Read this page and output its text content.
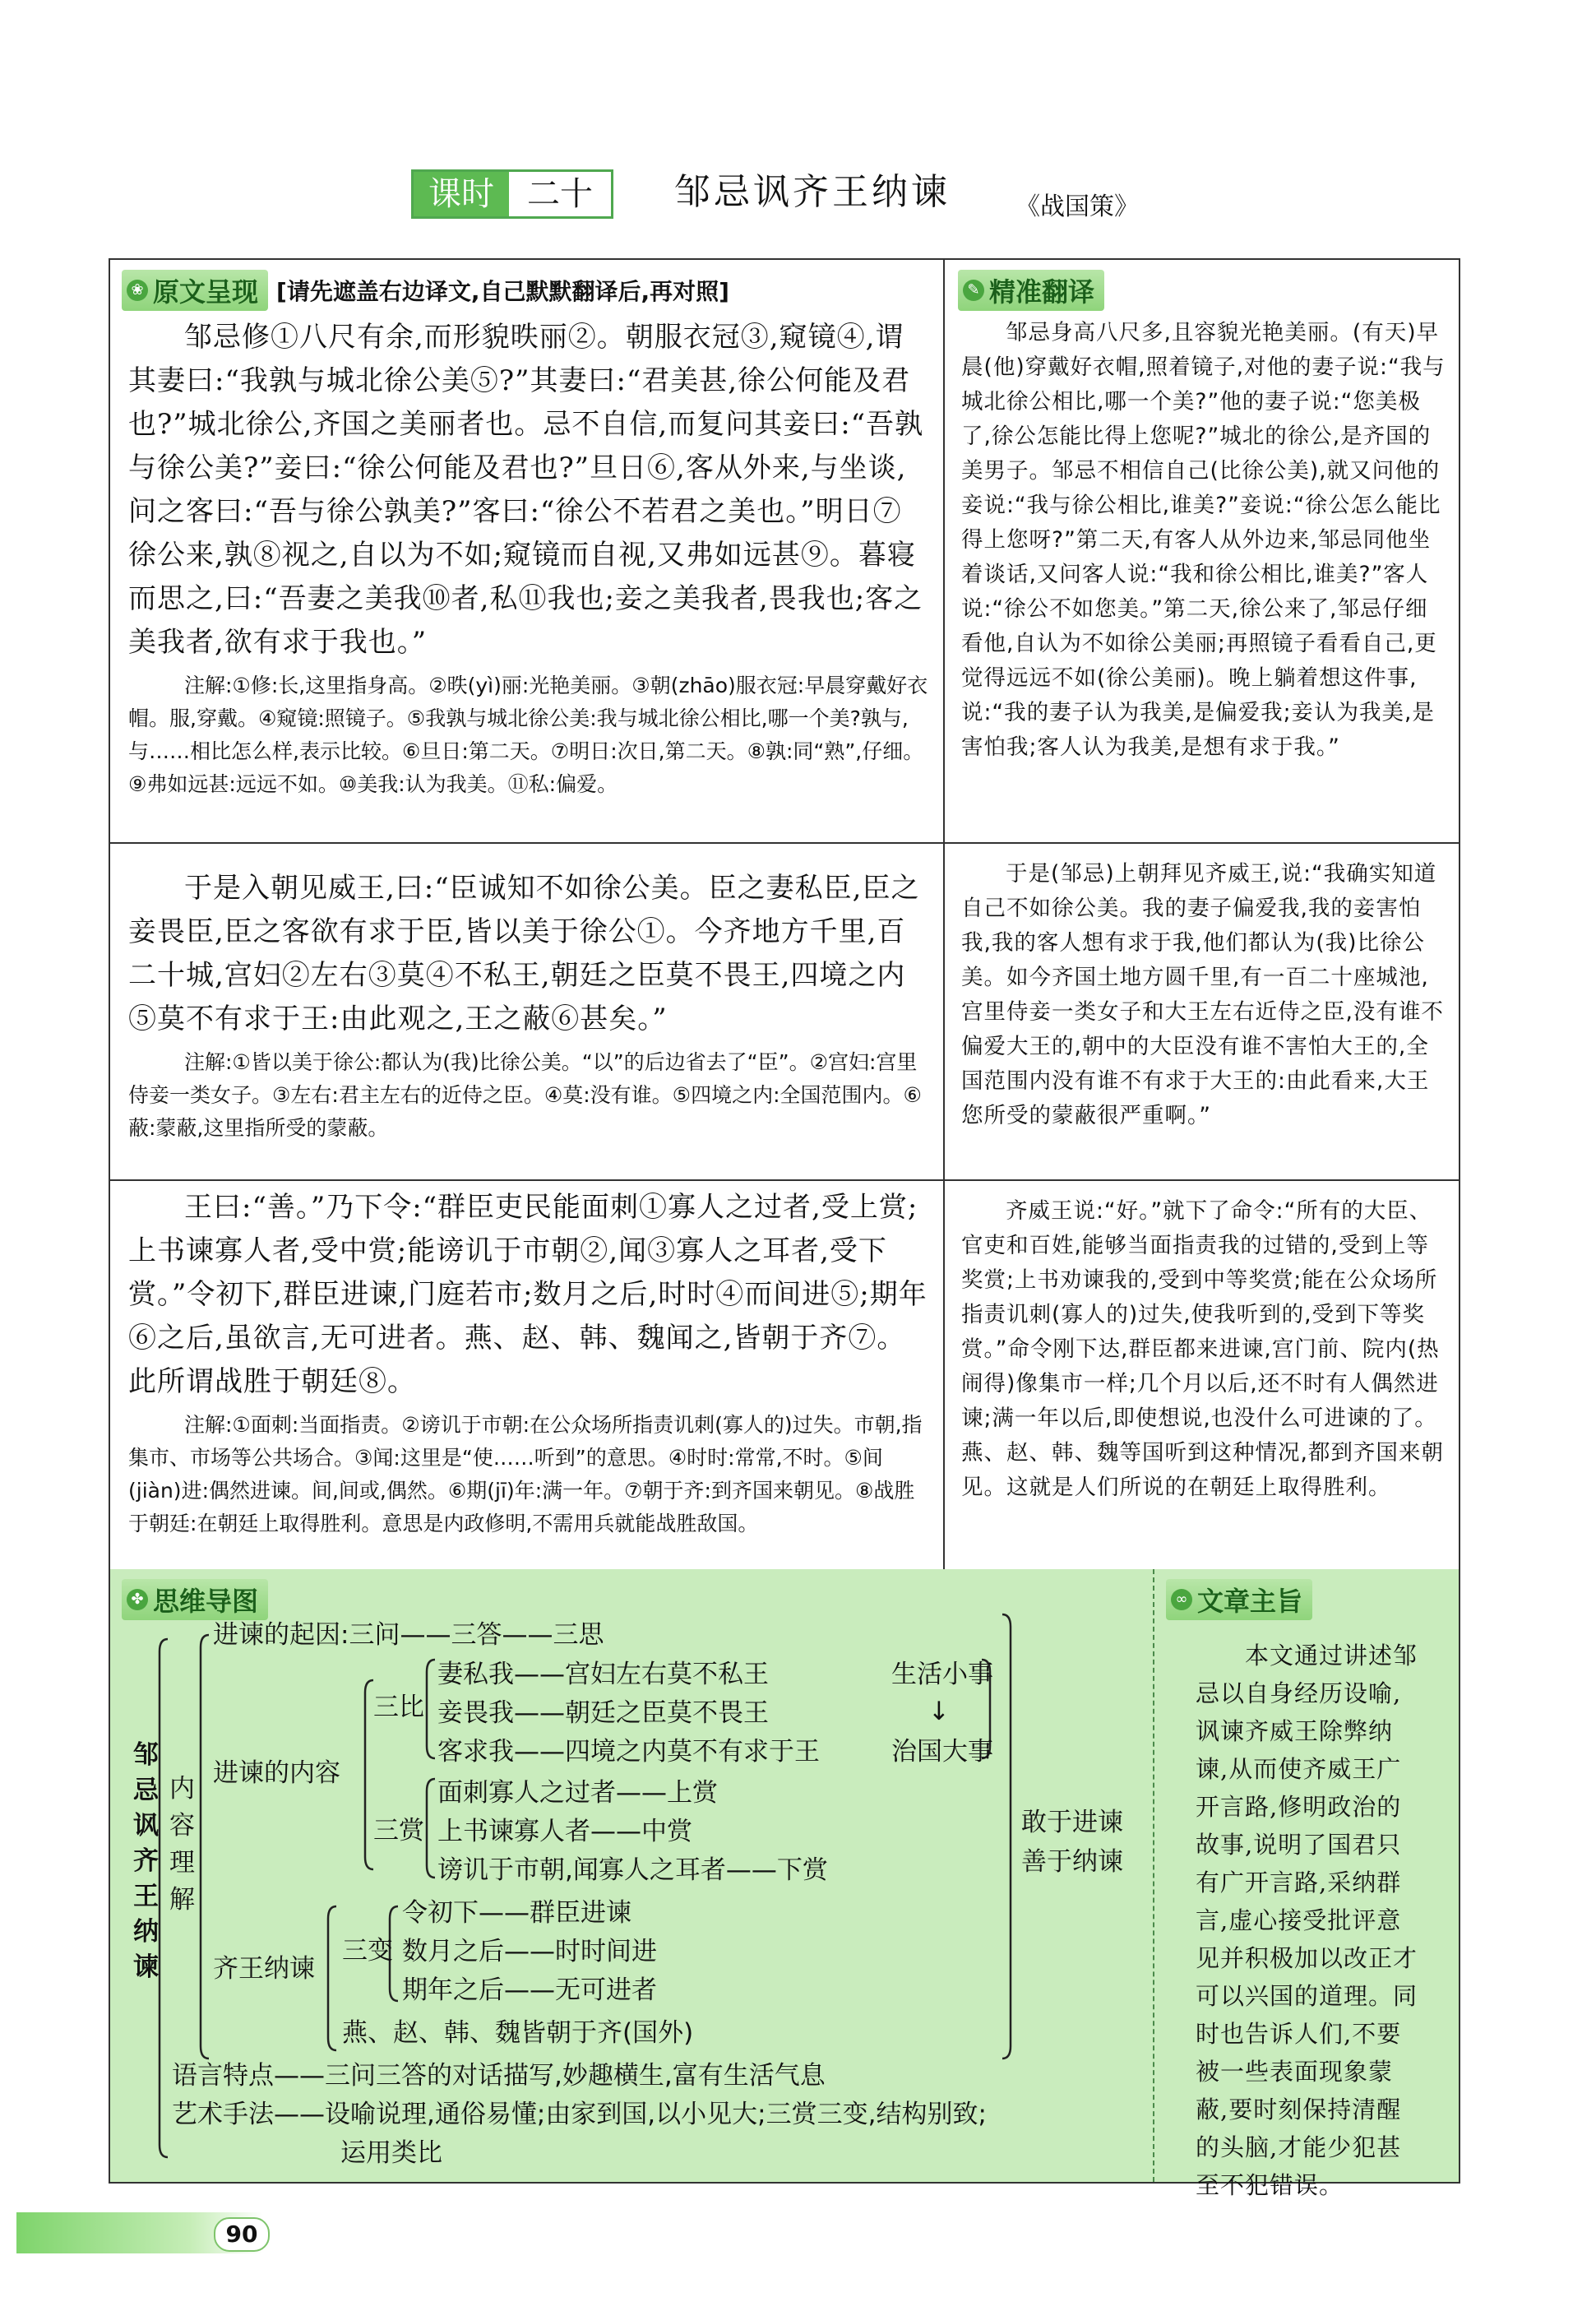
课时	二十	邹忌讽齐王纳谏	《战国策》
❀ 原文呈现 [请先遮盖右边译文,自己默默翻译后,再对照]
邹忌修①八尺有余,而形貌昳丽②。朝服衣冠③,窥镜④,谓其妻曰:“我孰与城北徐公美⑤?”其妻曰:“君美甚,徐公何能及君也?”城北徐公,齐国之美丽者也。忌不自信,而复问其妾曰:“吾孰与徐公美?”妾曰:“徐公何能及君也?”旦日⑥,客从外来,与坐谈,问之客曰:“吾与徐公孰美?”客曰:“徐公不若君之美也。”明日⑦徐公来,孰⑧视之,自以为不如;窥镜而自视,又弗如远甚⑨。暮寝而思之,曰:“吾妻之美我⑩者,私⑪我也;妾之美我者,畏我也;客之美我者,欲有求于我也。”
注解:①修:长,这里指身高。②昳(yì)丽:光艳美丽。③朝(zhāo)服衣冠:早晨穿戴好衣帽。服,穿戴。④窥镜:照镜子。⑤我孰与城北徐公美:我与城北徐公相比,哪一个美?孰与,与……相比怎么样,表示比较。⑥旦日:第二天。⑦明日:次日,第二天。⑧孰:同“熟”,仔细。⑨弗如远甚:远远不如。⑩美我:认为我美。⑪私:偏爱。
✎ 精准翻译
邹忌身高八尺多,且容貌光艳美丽。(有天)早晨(他)穿戴好衣帽,照着镜子,对他的妻子说:“我与城北徐公相比,哪一个美?”他的妻子说:“您美极了,徐公怎能比得上您呢?”城北的徐公,是齐国的美男子。邹忌不相信自己(比徐公美),就又问他的妾说:“我与徐公相比,谁美?”妾说:“徐公怎么能比得上您呀?”第二天,有客人从外边来,邹忌同他坐着谈话,又问客人说:“我和徐公相比,谁美?”客人说:“徐公不如您美。”第二天,徐公来了,邹忌仔细看他,自认为不如徐公美丽;再照镜子看看自己,更觉得远远不如(徐公美丽)。晚上躺着想这件事,说:“我的妻子认为我美,是偏爱我;妾认为我美,是害怕我;客人认为我美,是想有求于我。”
于是入朝见威王,曰:“臣诚知不如徐公美。臣之妻私臣,臣之妾畏臣,臣之客欲有求于臣,皆以美于徐公①。今齐地方千里,百二十城,宫妇②左右③莫④不私王,朝廷之臣莫不畏王,四境之内⑤莫不有求于王:由此观之,王之蔽⑥甚矣。”
注解:①皆以美于徐公:都认为(我)比徐公美。“以”的后边省去了“臣”。②宫妇:宫里侍妾一类女子。③左右:君主左右的近侍之臣。④莫:没有谁。⑤四境之内:全国范围内。⑥蔽:蒙蔽,这里指所受的蒙蔽。
于是(邹忌)上朝拜见齐威王,说:“我确实知道自己不如徐公美。我的妻子偏爱我,我的妾害怕我,我的客人想有求于我,他们都认为(我)比徐公美。如今齐国土地方圆千里,有一百二十座城池,宫里侍妾一类女子和大王左右近侍之臣,没有谁不偏爱大王的,朝中的大臣没有谁不害怕大王的,全国范围内没有谁不有求于大王的:由此看来,大王您所受的蒙蔽很严重啊。”
王曰:“善。”乃下令:“群臣吏民能面刺①寡人之过者,受上赏;上书谏寡人者,受中赏;能谤讥于市朝②,闻③寡人之耳者,受下赏。”令初下,群臣进谏,门庭若市;数月之后,时时④而间进⑤;期年⑥之后,虽欲言,无可进者。燕、赵、韩、魏闻之,皆朝于齐⑦。此所谓战胜于朝廷⑧。
注解:①面刺:当面指责。②谤讥于市朝:在公众场所指责讥刺(寡人的)过失。市朝,指集市、市场等公共场合。③闻:这里是“使……听到”的意思。④时时:常常,不时。⑤间(jiàn)进:偶然进谏。间,间或,偶然。⑥期(jī)年:满一年。⑦朝于齐:到齐国来朝见。⑧战胜于朝廷:在朝廷上取得胜利。意思是内政修明,不需用兵就能战胜敌国。
齐威王说:“好。”就下了命令:“所有的大臣、官吏和百姓,能够当面指责我的过错的,受到上等奖赏;上书劝谏我的,受到中等奖赏;能在公众场所指责讥刺(寡人的)过失,使我听到的,受到下等奖赏。”命令刚下达,群臣都来进谏,宫门前、院内(热闹得)像集市一样;几个月以后,还不时有人偶然进谏;满一年以后,即使想说,也没什么可进谏的了。燕、赵、韩、魏等国听到这种情况,都到齐国来朝见。这就是人们所说的在朝廷上取得胜利。
✤ 思维导图
邹忌讽齐王纳谏
内容理解
进谏的起因:三问——三答——三思
进谏的内容
三比
妻私我——宫妇左右莫不私王
妾畏我——朝廷之臣莫不畏王
客求我——四境之内莫不有求于王
生活小事
↓
治国大事
三赏
面刺寡人之过者——上赏
上书谏寡人者——中赏
谤讥于市朝,闻寡人之耳者——下赏
齐王纳谏
三变
令初下——群臣进谏
数月之后——时时间进
期年之后——无可进者
燕、赵、韩、魏皆朝于齐(国外)
敢于进谏
善于纳谏
语言特点——三问三答的对话描写,妙趣横生,富有生活气息
艺术手法——设喻说理,通俗易懂;由家到国,以小见大;三赏三变,结构别致;
运用类比
∞ 文章主旨
本文通过讲述邹忌以自身经历设喻,讽谏齐威王除弊纳谏,从而使齐威王广开言路,修明政治的故事,说明了国君只有广开言路,采纳群言,虚心接受批评意见并积极加以改正才可以兴国的道理。同时也告诉人们,不要被一些表面现象蒙蔽,要时刻保持清醒的头脑,才能少犯甚至不犯错误。
90
